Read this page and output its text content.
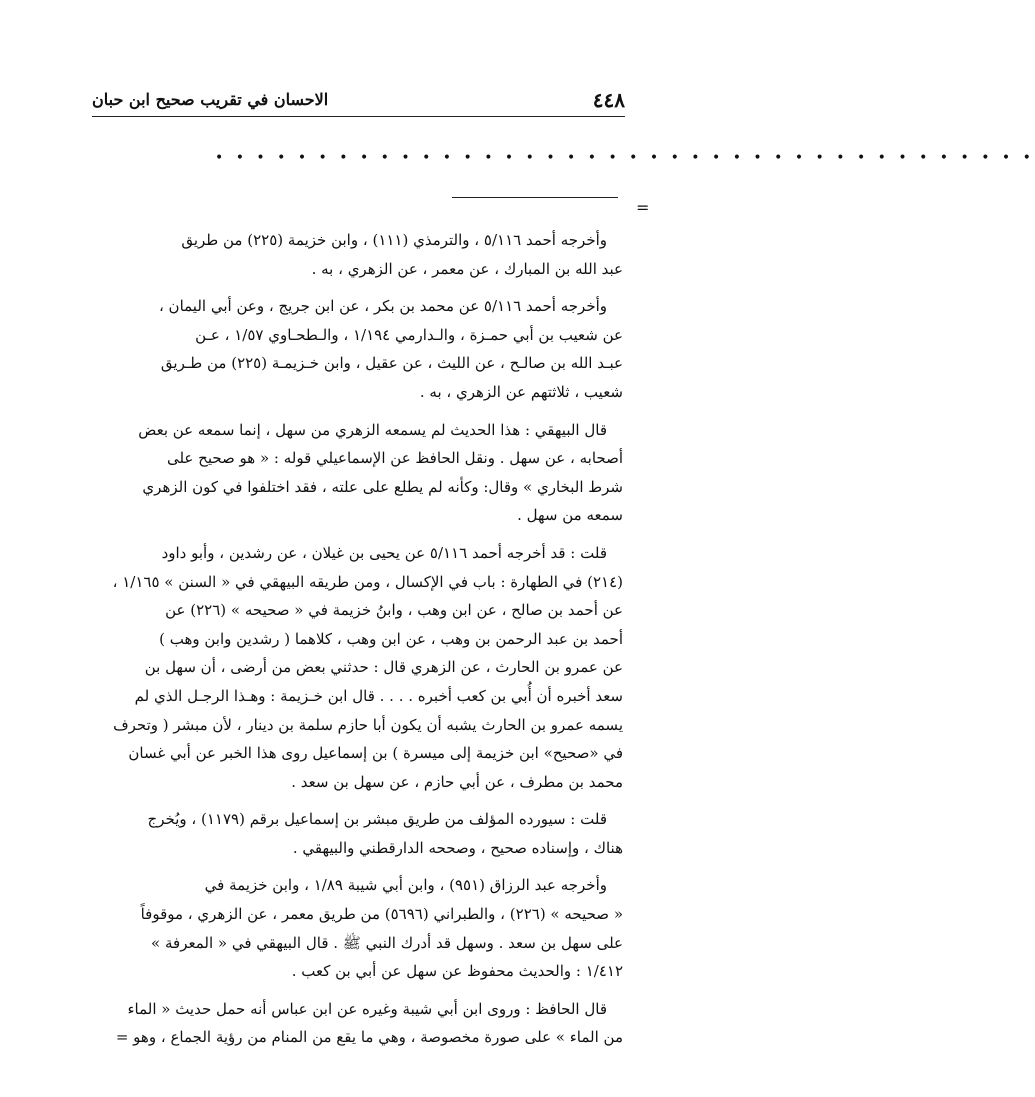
٤٤٨
الاحسان في تقريب صحيح ابن حبان
• • • • • • • • • • • • • • • • • • • • • • • • • • • • • • • • • • • • • • • •
=
وأخرجه أحمد ٥/١١٦ ، والترمذي (١١١) ، وابن خزيمة (٢٢٥) من طريق
عبد الله بن المبارك ، عن معمر ، عن الزهري ، به .
وأخرجه أحمد ٥/١١٦ عن محمد بن بكر ، عن ابن جريج ، وعن أبي اليمان ،
عن شعيب بن أبي حمـزة ، والـدارمي ١/١٩٤ ، والـطحـاوي ١/٥٧ ، عـن
عبـد الله بن صالـح ، عن الليث ، عن عقيل ، وابن خـزيمـة (٢٢٥) من طـريق
شعيب ، ثلاثتهم عن الزهري ، به .
قال البيهقي : هذا الحديث لم يسمعه الزهري من سهل ، إنما سمعه عن بعض
أصحابه ، عن سهل . ونقل الحافظ عن الإسماعيلي قوله : « هو صحيح على
شرط البخاري » وقال: وكأنه لم يطلع على علته ، فقد اختلفوا في كون الزهري
سمعه من سهل .
قلت : قد أخرجه أحمد ٥/١١٦ عن يحيى بن غيلان ، عن رشدين ، وأبو داود
(٢١٤) في الطهارة : باب في الإكسال ، ومن طريقه البيهقي في « السنن » ١/١٦٥ ،
عن أحمد بن صالح ، عن ابن وهب ، وابنُ خزيمة في « صحيحه » (٢٢٦) عن
أحمد بن عبد الرحمن بن وهب ، عن ابن وهب ، كلاهما ( رشدين وابن وهب )
عن عمرو بن الحارث ، عن الزهري قال : حدثني بعض من أرضى ، أن سهل بن
سعد أخبره أن أُبي بن كعب أخبره . . . . قال ابن خـزيمة : وهـذا الرجـل الذي لم
يسمه عمرو بن الحارث يشبه أن يكون أبا حازم سلمة بن دينار ، لأن مبشر ( وتحرف
في «صحيح» ابن خزيمة إلى ميسرة ) بن إسماعيل روى هذا الخبر عن أبي غسان
محمد بن مطرف ، عن أبي حازم ، عن سهل بن سعد .
قلت : سيورده المؤلف من طريق مبشر بن إسماعيل برقم (١١٧٩) ، ويُخرج
هناك ، وإسناده صحيح ، وصححه الدارقطني والبيهقي .
وأخرجه عبد الرزاق (٩٥١) ، وابن أبي شيبة ١/٨٩ ، وابن خزيمة في
« صحيحه » (٢٢٦) ، والطبراني (٥٦٩٦) من طريق معمر ، عن الزهري ، موقوفاً
على سهل بن سعد . وسهل قد أدرك النبي ﷺ . قال البيهقي في « المعرفة »
١/٤١٢ : والحديث محفوظ عن سهل عن أبي بن كعب .
قال الحافظ : وروى ابن أبي شيبة وغيره عن ابن عباس أنه حمل حديث « الماء
من الماء » على صورة مخصوصة ، وهي ما يقع من المنام من رؤية الجماع ، وهو =
